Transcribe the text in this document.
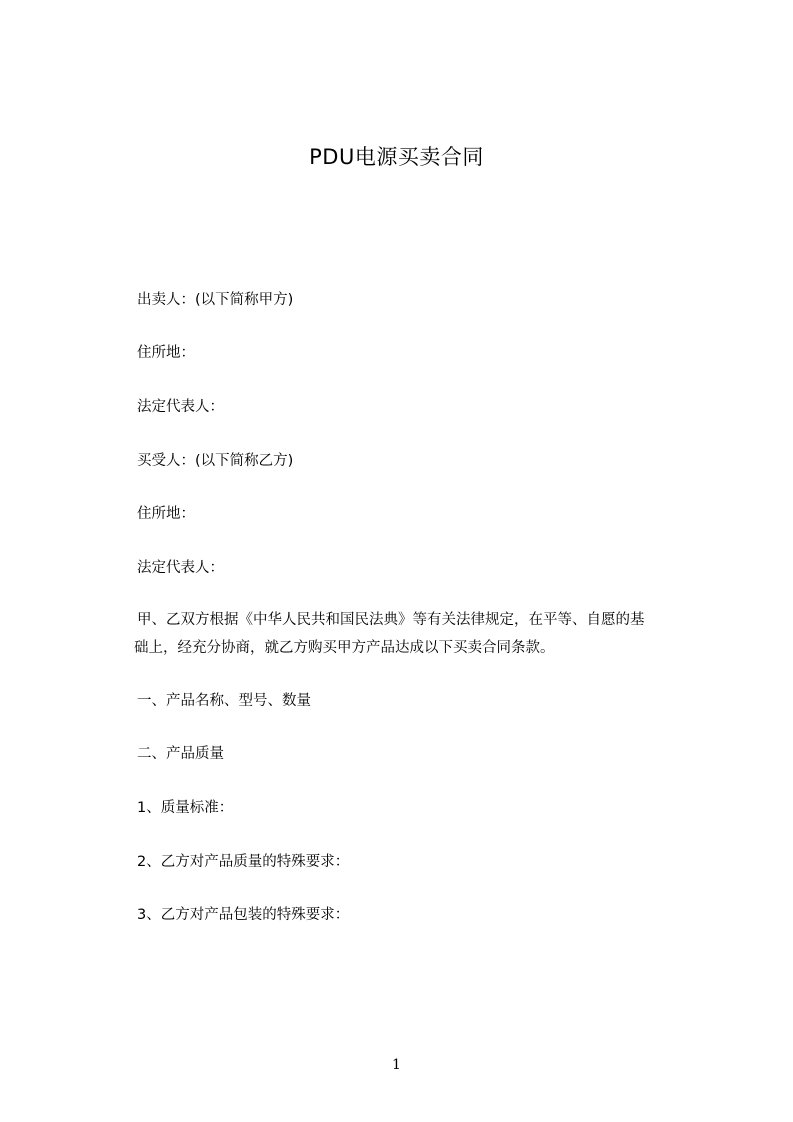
PDU电源买卖合同
出卖人：(以下简称甲方)
住所地：
法定代表人：
买受人：(以下简称乙方)
住所地：
法定代表人：
甲、乙双方根据《中华人民共和国民法典》等有关法律规定，在平等、自愿的基
础上，经充分协商，就乙方购买甲方产品达成以下买卖合同条款。
一、产品名称、型号、数量
二、产品质量
1、质量标准：
2、乙方对产品质量的特殊要求：
3、乙方对产品包装的特殊要求：
1
